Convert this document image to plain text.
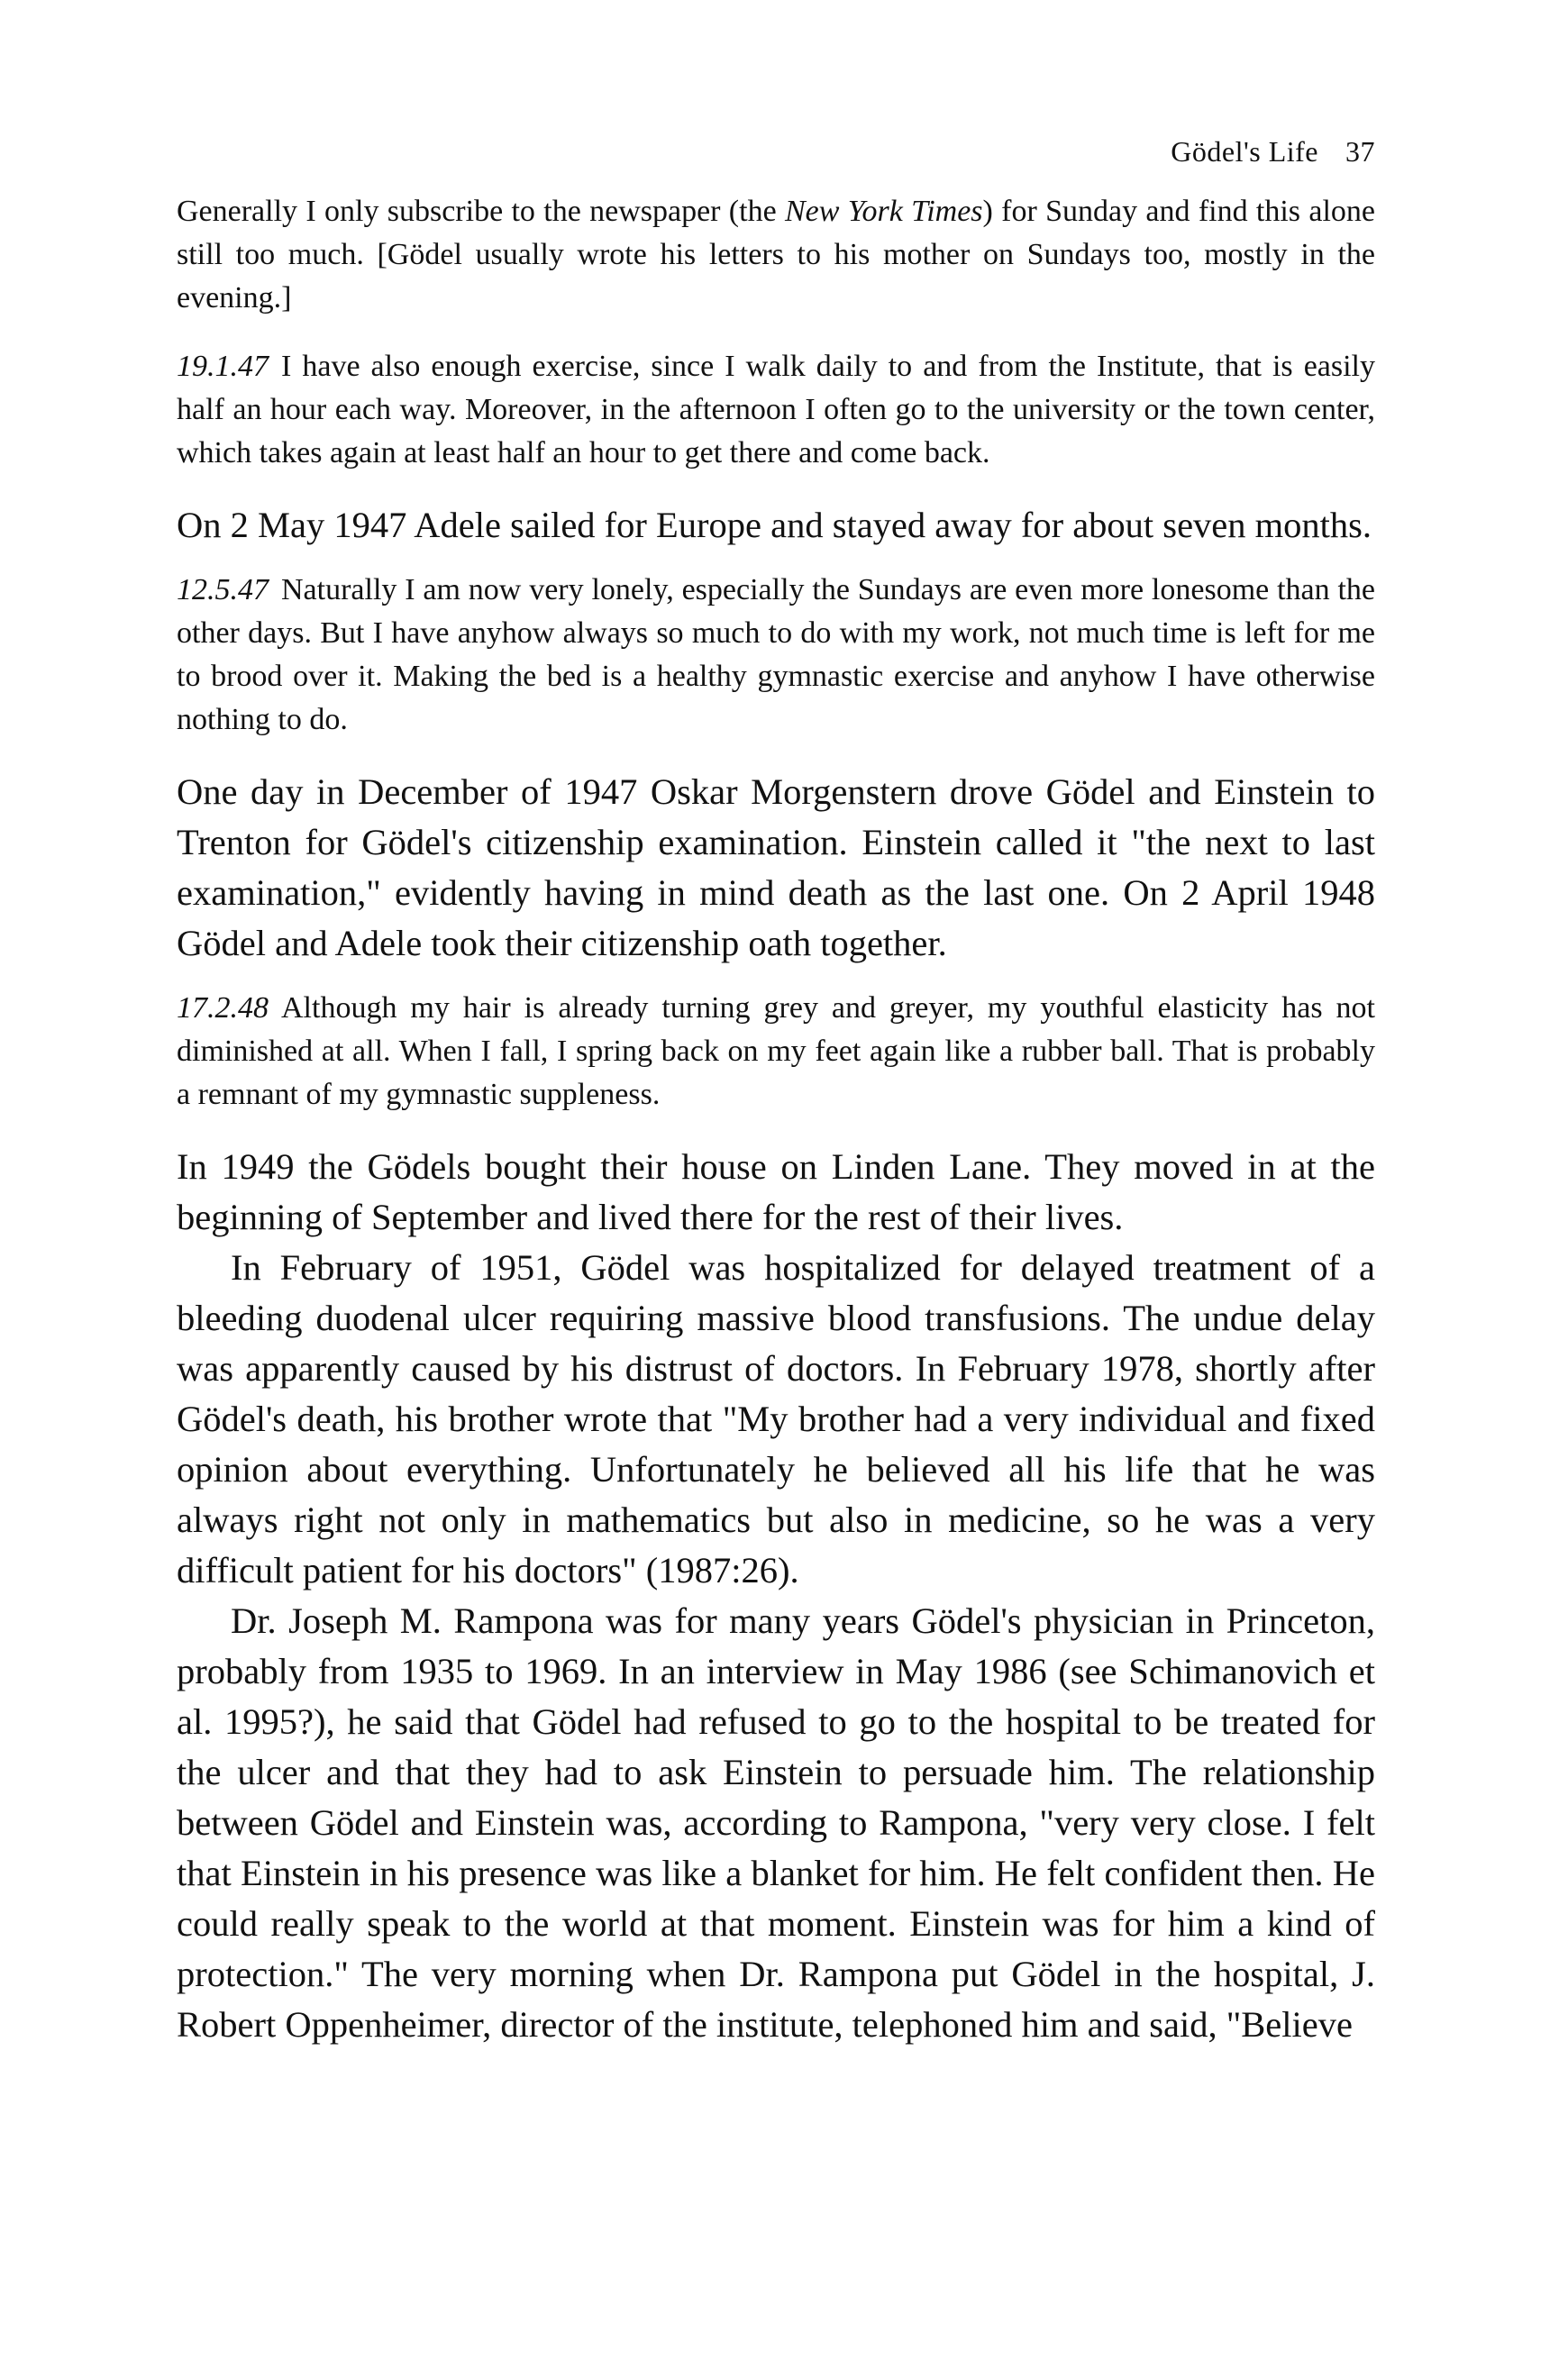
Gödel's Life 37

Generally I only subscribe to the newspaper (the New York Times) for Sunday and find this alone still too much. [Gödel usually wrote his letters to his mother on Sundays too, mostly in the evening.]

19.1.47 I have also enough exercise, since I walk daily to and from the Institute, that is easily half an hour each way. Moreover, in the afternoon I often go to the university or the town center, which takes again at least half an hour to get there and come back.

On 2 May 1947 Adele sailed for Europe and stayed away for about seven months.

12.5.47 Naturally I am now very lonely, especially the Sundays are even more lonesome than the other days. But I have anyhow always so much to do with my work, not much time is left for me to brood over it. Making the bed is a healthy gymnastic exercise and anyhow I have otherwise nothing to do.

One day in December of 1947 Oskar Morgenstern drove Gödel and Einstein to Trenton for Gödel's citizenship examination. Einstein called it "the next to last examination," evidently having in mind death as the last one. On 2 April 1948 Gödel and Adele took their citizenship oath together.

17.2.48 Although my hair is already turning grey and greyer, my youthful elasticity has not diminished at all. When I fall, I spring back on my feet again like a rubber ball. That is probably a remnant of my gymnastic suppleness.

In 1949 the Gödels bought their house on Linden Lane. They moved in at the beginning of September and lived there for the rest of their lives.

In February of 1951, Gödel was hospitalized for delayed treatment of a bleeding duodenal ulcer requiring massive blood transfusions. The undue delay was apparently caused by his distrust of doctors. In February 1978, shortly after Gödel's death, his brother wrote that "My brother had a very individual and fixed opinion about everything. Unfortunately he believed all his life that he was always right not only in mathematics but also in medicine, so he was a very difficult patient for his doctors" (1987:26).

Dr. Joseph M. Rampona was for many years Gödel's physician in Princeton, probably from 1935 to 1969. In an interview in May 1986 (see Schimanovich et al. 1995?), he said that Gödel had refused to go to the hospital to be treated for the ulcer and that they had to ask Einstein to persuade him. The relationship between Gödel and Einstein was, according to Rampona, "very very close. I felt that Einstein in his presence was like a blanket for him. He felt confident then. He could really speak to the world at that moment. Einstein was for him a kind of protection." The very morning when Dr. Rampona put Gödel in the hospital, J. Robert Oppenheimer, director of the institute, telephoned him and said, "Believe
